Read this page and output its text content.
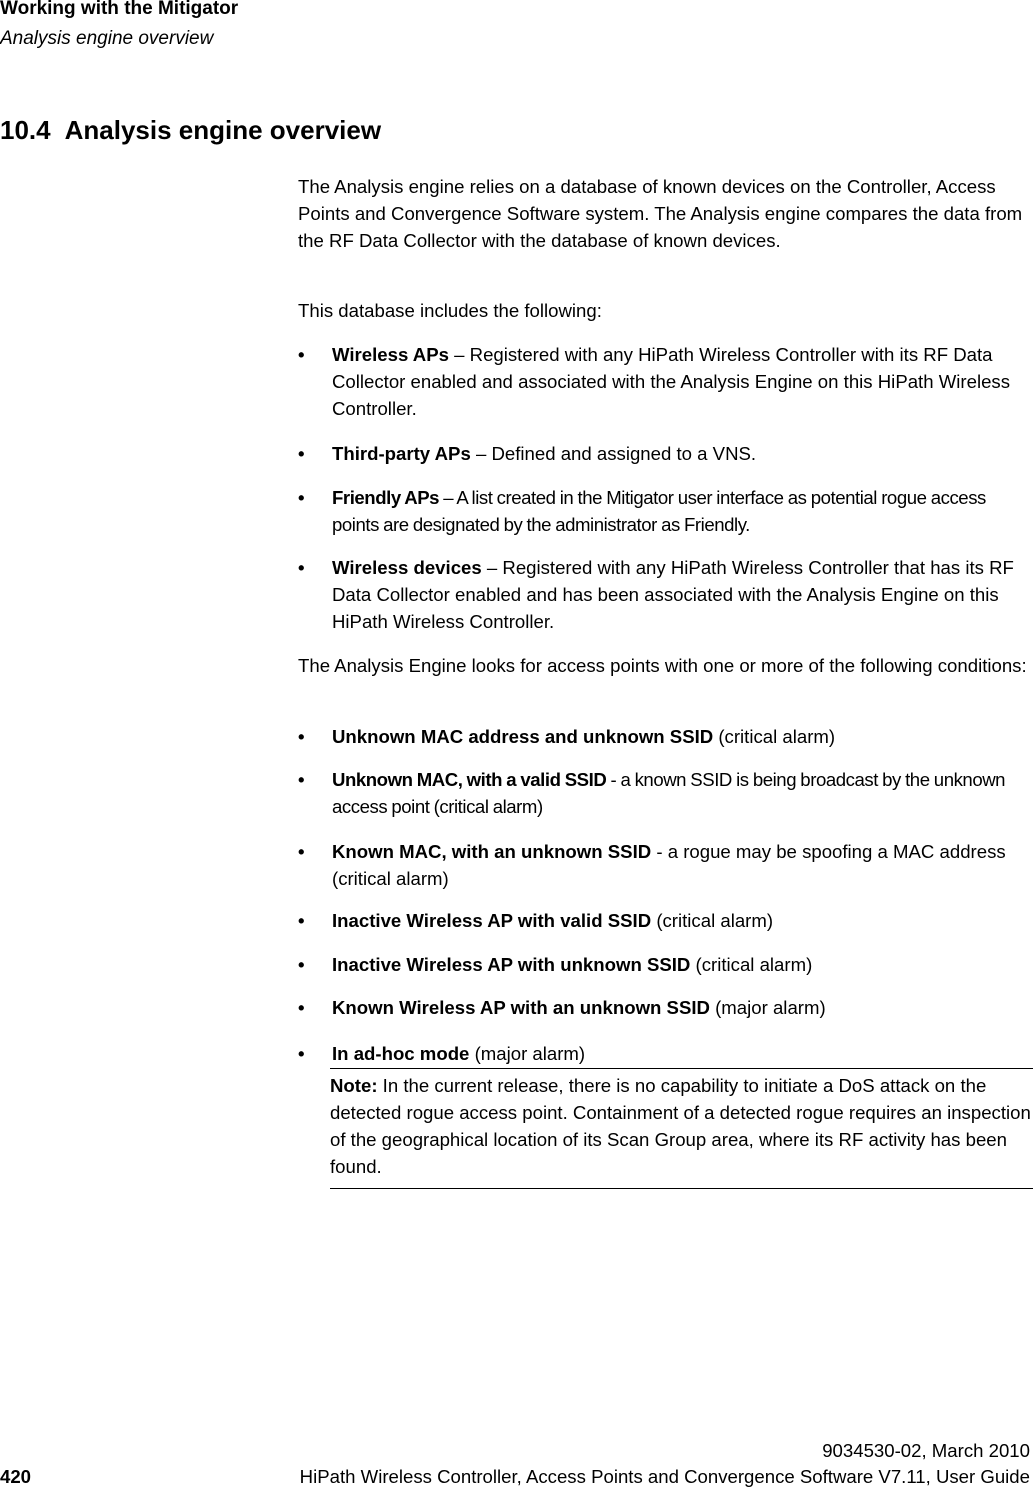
Working with the Mitigator
Analysis engine overview
10.4 Analysis engine overview

The Analysis engine relies on a database of known devices on the Controller, Access Points and Convergence Software system. The Analysis engine compares the data from the RF Data Collector with the database of known devices.

This database includes the following:

• Wireless APs – Registered with any HiPath Wireless Controller with its RF Data Collector enabled and associated with the Analysis Engine on this HiPath Wireless Controller.
• Third-party APs – Defined and assigned to a VNS.
• Friendly APs – A list created in the Mitigator user interface as potential rogue access points are designated by the administrator as Friendly.
• Wireless devices – Registered with any HiPath Wireless Controller that has its RF Data Collector enabled and has been associated with the Analysis Engine on this HiPath Wireless Controller.

The Analysis Engine looks for access points with one or more of the following conditions:

• Unknown MAC address and unknown SSID (critical alarm)
• Unknown MAC, with a valid SSID - a known SSID is being broadcast by the unknown access point (critical alarm)
• Known MAC, with an unknown SSID - a rogue may be spoofing a MAC address (critical alarm)
• Inactive Wireless AP with valid SSID (critical alarm)
• Inactive Wireless AP with unknown SSID (critical alarm)
• Known Wireless AP with an unknown SSID (major alarm)
• In ad-hoc mode (major alarm)
Note: In the current release, there is no capability to initiate a DoS attack on the detected rogue access point. Containment of a detected rogue requires an inspection of the geographical location of its Scan Group area, where its RF activity has been found.
9034530-02, March 2010
420	HiPath Wireless Controller, Access Points and Convergence Software V7.11, User Guide
